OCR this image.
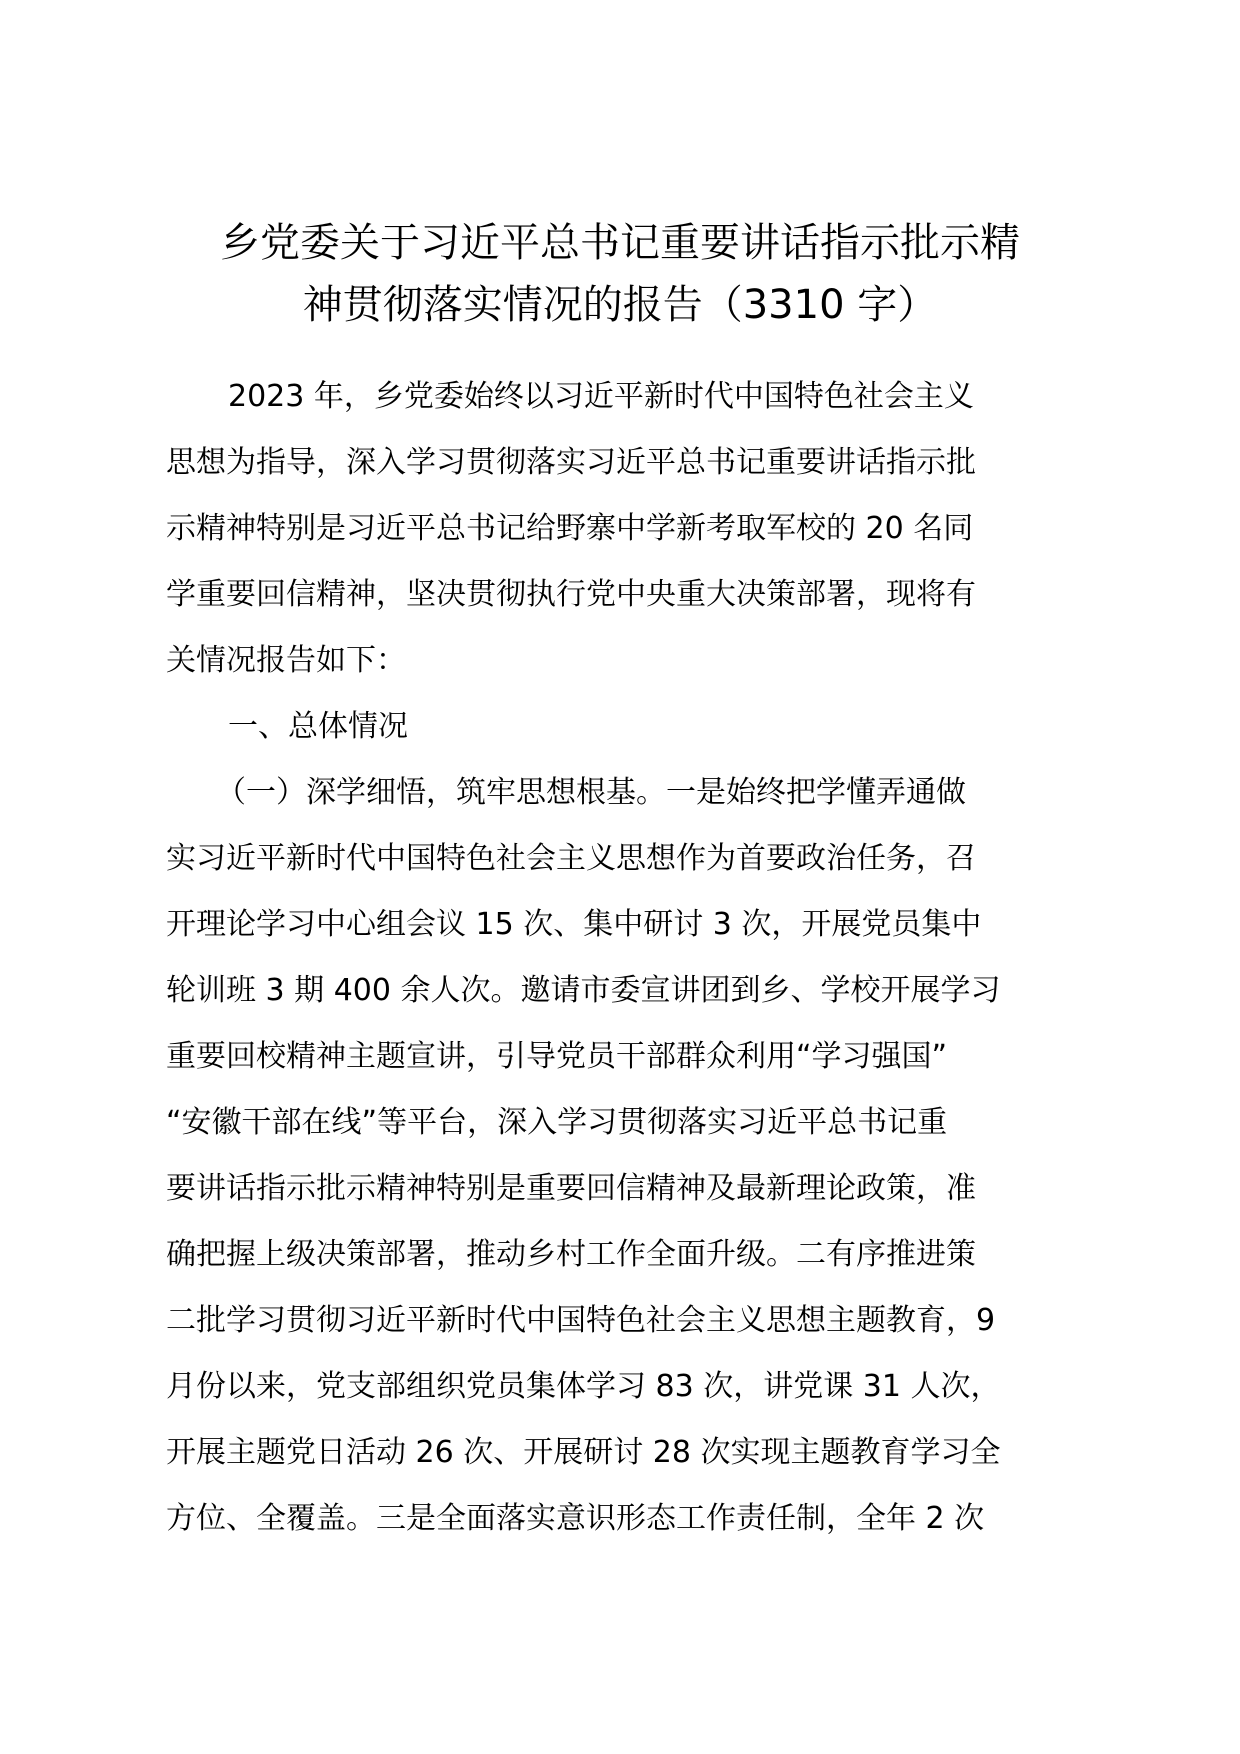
乡党委关于习近平总书记重要讲话指示批示精
神贯彻落实情况的报告（3310 字）
2023 年，乡党委始终以习近平新时代中国特色社会主义
思想为指导，深入学习贯彻落实习近平总书记重要讲话指示批
示精神特别是习近平总书记给野寨中学新考取军校的 20 名同
学重要回信精神，坚决贯彻执行党中央重大决策部署，现将有
关情况报告如下：
一、总体情况
（一）深学细悟，筑牢思想根基。一是始终把学懂弄通做
实习近平新时代中国特色社会主义思想作为首要政治任务，召
开理论学习中心组会议 15 次、集中研讨 3 次，开展党员集中
轮训班 3 期 400 余人次。邀请市委宣讲团到乡、学校开展学习
重要回校精神主题宣讲，引导党员干部群众利用“学习强国”
“安徽干部在线”等平台，深入学习贯彻落实习近平总书记重
要讲话指示批示精神特别是重要回信精神及最新理论政策，准
确把握上级决策部署，推动乡村工作全面升级。二有序推进策
二批学习贯彻习近平新时代中国特色社会主义思想主题教育，9
月份以来，党支部组织党员集体学习 83 次，讲党课 31 人次，
开展主题党日活动 26 次、开展研讨 28 次实现主题教育学习全
方位、全覆盖。三是全面落实意识形态工作责任制，全年 2 次
